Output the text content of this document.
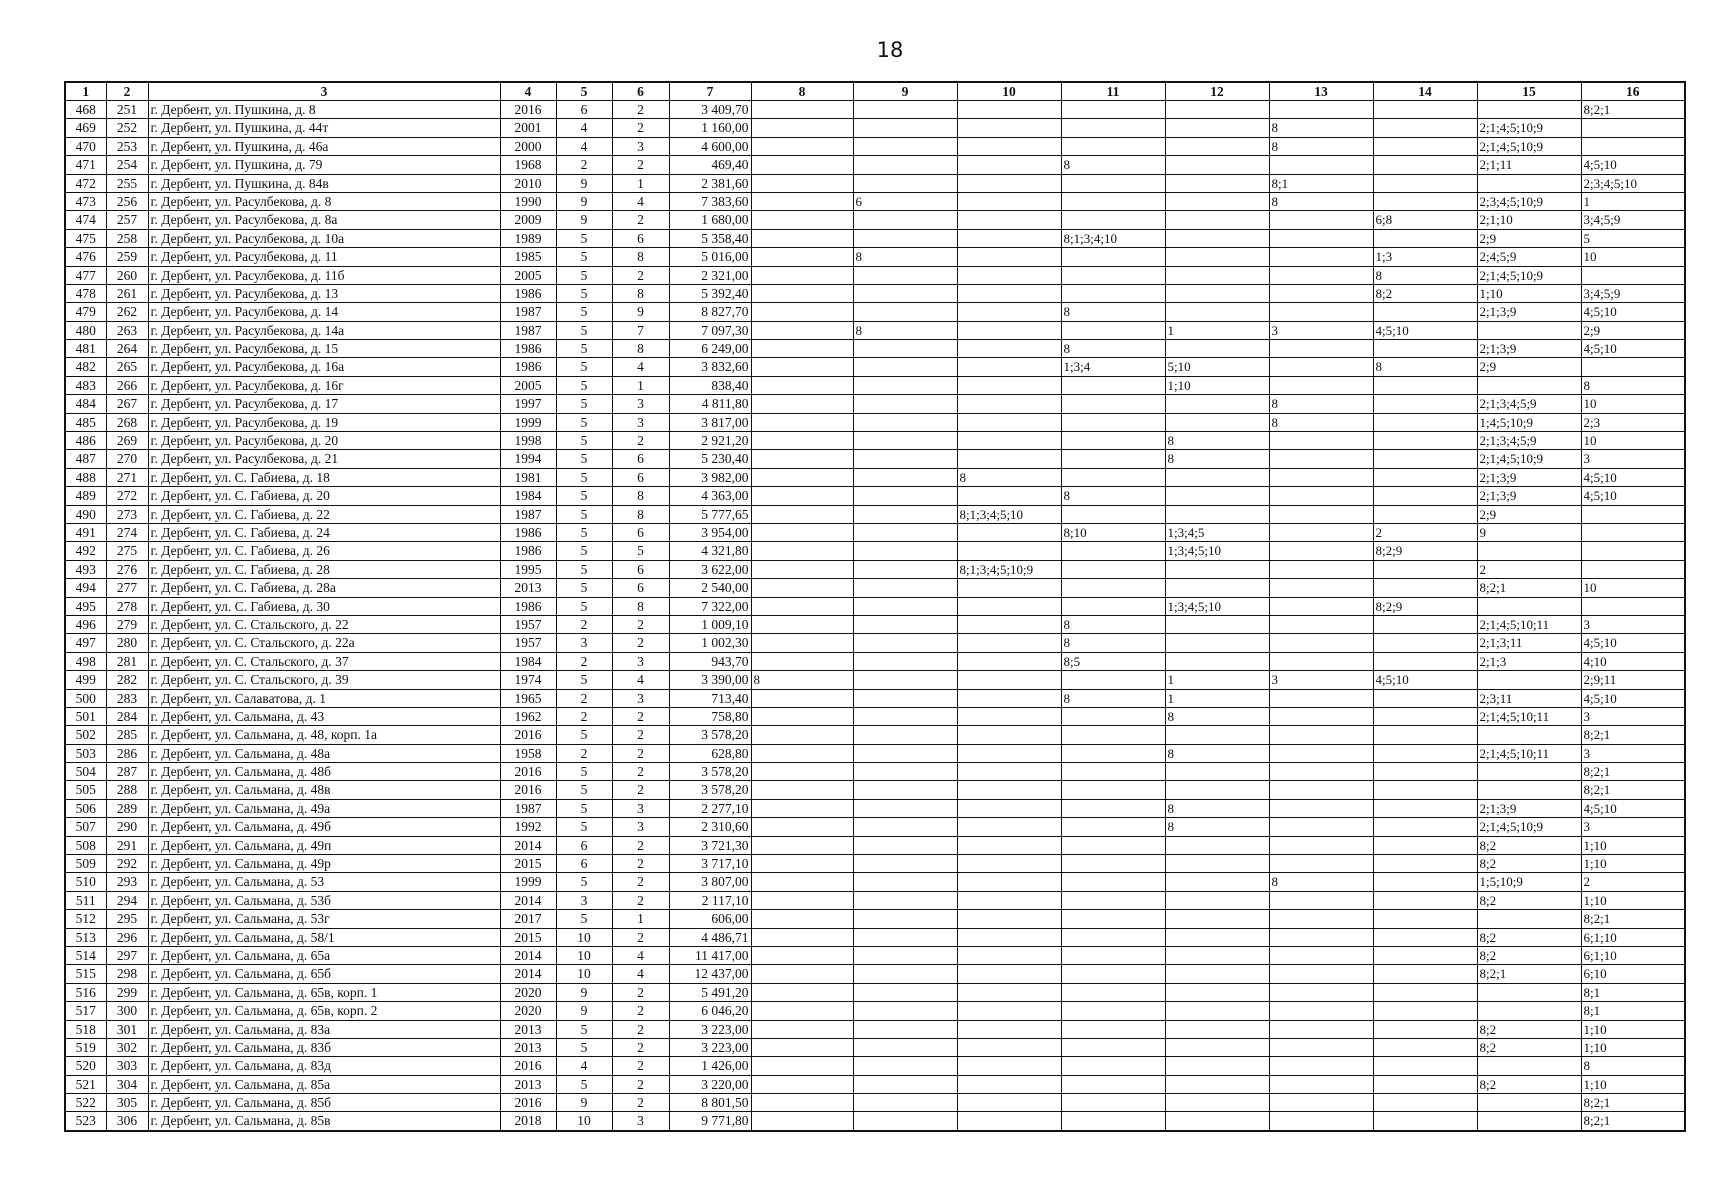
18
1	2	3	4	5	6	7	8	9	10	11	12	13	14	15	16
468	251	г. Дербент, ул. Пушкина, д. 8	2016	6	2	3 409,70									8;2;1
469	252	г. Дербент, ул. Пушкина, д. 44т	2001	4	2	1 160,00						8		2;1;4;5;10;9	
470	253	г. Дербент, ул. Пушкина, д. 46а	2000	4	3	4 600,00						8		2;1;4;5;10;9	
471	254	г. Дербент, ул. Пушкина, д. 79	1968	2	2	469,40				8				2;1;11	4;5;10
472	255	г. Дербент, ул. Пушкина, д. 84в	2010	9	1	2 381,60						8;1			2;3;4;5;10
473	256	г. Дербент, ул. Расулбекова, д. 8	1990	9	4	7 383,60		6				8		2;3;4;5;10;9	1
474	257	г. Дербент, ул. Расулбекова, д. 8а	2009	9	2	1 680,00							6;8	2;1;10	3;4;5;9
475	258	г. Дербент, ул. Расулбекова, д. 10а	1989	5	6	5 358,40				8;1;3;4;10				2;9	5
476	259	г. Дербент, ул. Расулбекова, д. 11	1985	5	8	5 016,00		8					1;3	2;4;5;9	10
477	260	г. Дербент, ул. Расулбекова, д. 11б	2005	5	2	2 321,00							8	2;1;4;5;10;9	
478	261	г. Дербент, ул. Расулбекова, д. 13	1986	5	8	5 392,40							8;2	1;10	3;4;5;9
479	262	г. Дербент, ул. Расулбекова, д. 14	1987	5	9	8 827,70				8				2;1;3;9	4;5;10
480	263	г. Дербент, ул. Расулбекова, д. 14а	1987	5	7	7 097,30		8			1	3	4;5;10		2;9
481	264	г. Дербент, ул. Расулбекова, д. 15	1986	5	8	6 249,00				8				2;1;3;9	4;5;10
482	265	г. Дербент, ул. Расулбекова, д. 16а	1986	5	4	3 832,60				1;3;4	5;10		8	2;9	
483	266	г. Дербент, ул. Расулбекова, д. 16г	2005	5	1	838,40					1;10				8
484	267	г. Дербент, ул. Расулбекова, д. 17	1997	5	3	4 811,80						8		2;1;3;4;5;9	10
485	268	г. Дербент, ул. Расулбекова, д. 19	1999	5	3	3 817,00						8		1;4;5;10;9	2;3
486	269	г. Дербент, ул. Расулбекова, д. 20	1998	5	2	2 921,20					8			2;1;3;4;5;9	10
487	270	г. Дербент, ул. Расулбекова, д. 21	1994	5	6	5 230,40					8			2;1;4;5;10;9	3
488	271	г. Дербент, ул. С. Габиева, д. 18	1981	5	6	3 982,00			8					2;1;3;9	4;5;10
489	272	г. Дербент, ул. С. Габиева, д. 20	1984	5	8	4 363,00				8				2;1;3;9	4;5;10
490	273	г. Дербент, ул. С. Габиева, д. 22	1987	5	8	5 777,65			8;1;3;4;5;10					2;9	
491	274	г. Дербент, ул. С. Габиева, д. 24	1986	5	6	3 954,00				8;10	1;3;4;5		2	9	
492	275	г. Дербент, ул. С. Габиева, д. 26	1986	5	5	4 321,80					1;3;4;5;10		8;2;9		
493	276	г. Дербент, ул. С. Габиева, д. 28	1995	5	6	3 622,00			8;1;3;4;5;10;9					2	
494	277	г. Дербент, ул. С. Габиева, д. 28а	2013	5	6	2 540,00								8;2;1	10
495	278	г. Дербент, ул. С. Габиева, д. 30	1986	5	8	7 322,00					1;3;4;5;10		8;2;9		
496	279	г. Дербент, ул. С. Стальского, д. 22	1957	2	2	1 009,10				8				2;1;4;5;10;11	3
497	280	г. Дербент, ул. С. Стальского, д. 22а	1957	3	2	1 002,30				8				2;1;3;11	4;5;10
498	281	г. Дербент, ул. С. Стальского, д. 37	1984	2	3	943,70				8;5				2;1;3	4;10
499	282	г. Дербент, ул. С. Стальского, д. 39	1974	5	4	3 390,00	8				1	3	4;5;10		2;9;11
500	283	г. Дербент, ул. Салаватова, д. 1	1965	2	3	713,40				8	1			2;3;11	4;5;10
501	284	г. Дербент, ул. Сальмана, д. 43	1962	2	2	758,80					8			2;1;4;5;10;11	3
502	285	г. Дербент, ул. Сальмана, д. 48, корп. 1а	2016	5	2	3 578,20									8;2;1
503	286	г. Дербент, ул. Сальмана, д. 48а	1958	2	2	628,80					8			2;1;4;5;10;11	3
504	287	г. Дербент, ул. Сальмана, д. 48б	2016	5	2	3 578,20									8;2;1
505	288	г. Дербент, ул. Сальмана, д. 48в	2016	5	2	3 578,20									8;2;1
506	289	г. Дербент, ул. Сальмана, д. 49а	1987	5	3	2 277,10					8			2;1;3;9	4;5;10
507	290	г. Дербент, ул. Сальмана, д. 49б	1992	5	3	2 310,60					8			2;1;4;5;10;9	3
508	291	г. Дербент, ул. Сальмана, д. 49п	2014	6	2	3 721,30								8;2	1;10
509	292	г. Дербент, ул. Сальмана, д. 49р	2015	6	2	3 717,10								8;2	1;10
510	293	г. Дербент, ул. Сальмана, д. 53	1999	5	2	3 807,00						8		1;5;10;9	2
511	294	г. Дербент, ул. Сальмана, д. 53б	2014	3	2	2 117,10								8;2	1;10
512	295	г. Дербент, ул. Сальмана, д. 53г	2017	5	1	606,00									8;2;1
513	296	г. Дербент, ул. Сальмана, д. 58/1	2015	10	2	4 486,71								8;2	6;1;10
514	297	г. Дербент, ул. Сальмана, д. 65а	2014	10	4	11 417,00								8;2	6;1;10
515	298	г. Дербент, ул. Сальмана, д. 65б	2014	10	4	12 437,00								8;2;1	6;10
516	299	г. Дербент, ул. Сальмана, д. 65в, корп. 1	2020	9	2	5 491,20									8;1
517	300	г. Дербент, ул. Сальмана, д. 65в, корп. 2	2020	9	2	6 046,20									8;1
518	301	г. Дербент, ул. Сальмана, д. 83а	2013	5	2	3 223,00								8;2	1;10
519	302	г. Дербент, ул. Сальмана, д. 83б	2013	5	2	3 223,00								8;2	1;10
520	303	г. Дербент, ул. Сальмана, д. 83д	2016	4	2	1 426,00									8
521	304	г. Дербент, ул. Сальмана, д. 85а	2013	5	2	3 220,00								8;2	1;10
522	305	г. Дербент, ул. Сальмана, д. 85б	2016	9	2	8 801,50									8;2;1
523	306	г. Дербент, ул. Сальмана, д. 85в	2018	10	3	9 771,80									8;2;1
